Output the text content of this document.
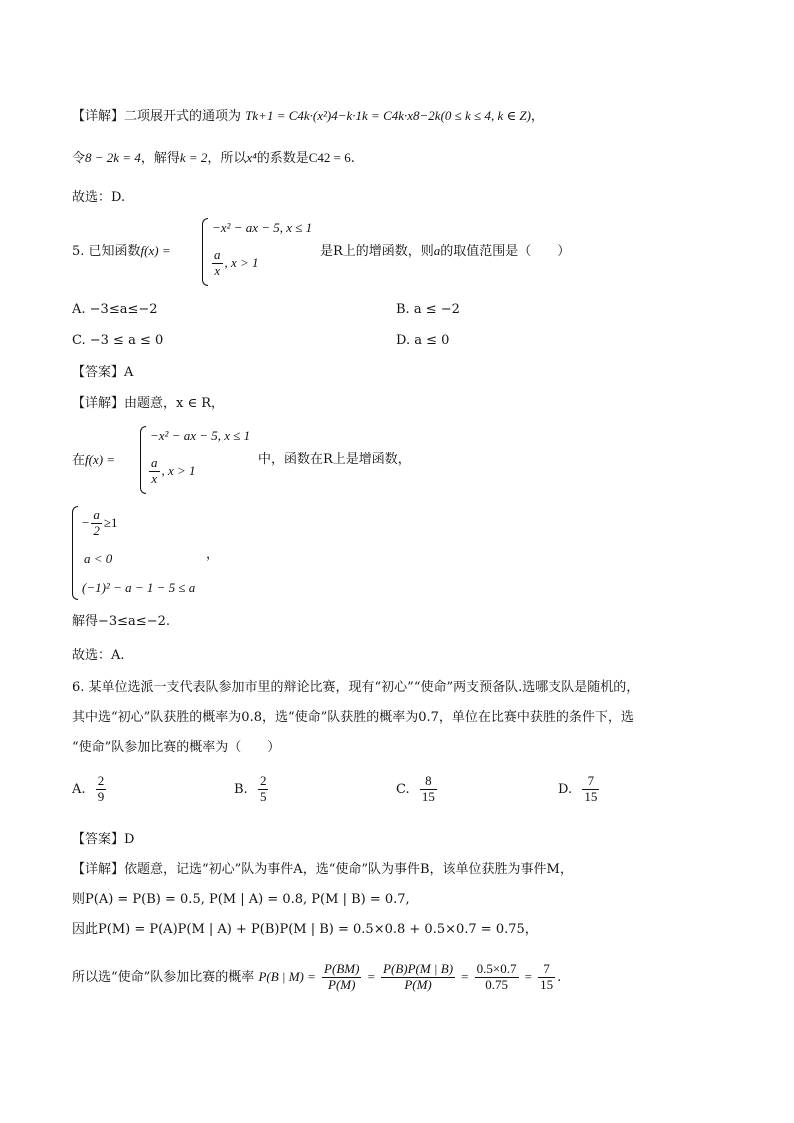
【详解】二项展开式的通项为 Tk+1 = C4k·(x²)4−k·1k = C4k·x8−2k(0 ≤ k ≤ 4, k ∈ Z)，
令8 − 2k = 4，解得k = 2，所以x⁴的系数是C42 = 6.
故选：D.
5. 已知函数f(x) =
−x² − ax − 5, x ≤ 1
$\frac{a}{x}$ , x > 1
是R上的增函数，则a的取值范围是（　　）
A. −3≤a≤−2	B. a ≤ −2
C. −3 ≤ a ≤ 0	D. a ≤ 0
【答案】A
【详解】由题意，x ∈ R，
在f(x) =
−x² − ax − 5, x ≤ 1
$\frac{a}{x}$ , x > 1
中，函数在R上是增函数，
− $\frac{a}{2} \ge 1$
a < 0
(−1)² − a − 1 − 5 ≤ a
，
解得−3≤a≤−2.
故选：A.
6. 某单位选派一支代表队参加市里的辩论比赛，现有“初心”“使命”两支预备队.选哪支队是随机的，
其中选“初心”队获胜的概率为0.8，选“使命”队获胜的概率为0.7，单位在比赛中获胜的条件下，选
“使命”队参加比赛的概率为（　　）
A. $\frac{2}{9}$	B. $\frac{2}{5}$	C. $\frac{8}{15}$	D. $\frac{7}{15}$
【答案】D
【详解】依题意，记选“初心”队为事件A，选“使命”队为事件B，该单位获胜为事件M，
则P(A) = P(B) = 0.5, P(M | A) = 0.8, P(M | B) = 0.7,
因此P(M) = P(A)P(M | A) + P(B)P(M | B) = 0.5×0.8 + 0.5×0.7 = 0.75，
所以选“使命”队参加比赛的概率 P(B | $M) = \frac{P(BM)}{P(M)} = \frac{P(B)P(M | B)}{P(M)} = \frac{0.5\times 0.7}{0.75} = \frac{7}{15}$ .
